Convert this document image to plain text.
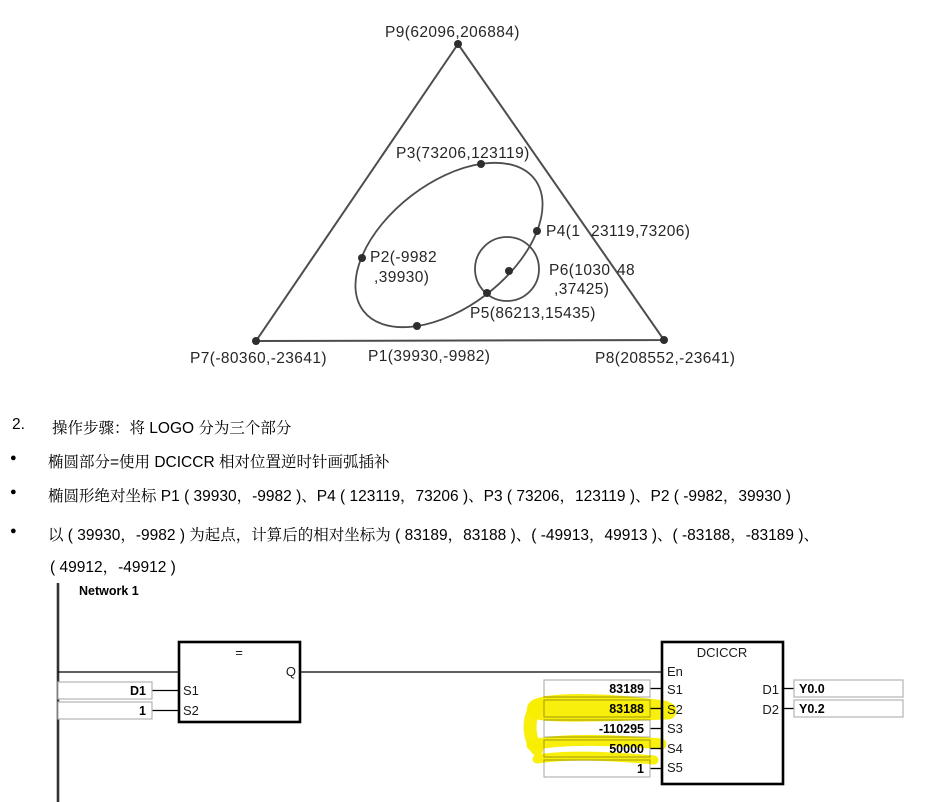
P9(62096,206884)
P3(73206,123119)
P4(1 23119,73206)
P2(-9982
,39930)	P6(1030 48
,37425)
P5(86213,15435)
P7(-80360,-23641)	P1(39930,-9982)	P8(208552,-23641)
2. 操作步骤：将 LOGO 分为三个部分
● 椭圆部分=使用 DCICCR 相对位置逆时针画弧插补
● 椭圆形绝对坐标 P1 ( 39930，-9982 )、P4 ( 123119，73206 )、P3 ( 73206，123119 )、P2 ( -9982，39930 )
● 以 ( 39930，-9982 ) 为起点，计算后的相对坐标为 ( 83189，83188 )、( -49913，49913 )、( -83188，-83189 )、
( 49912，-49912 )
Network 1
=
Q
S1
S2
D1
1
DCICCR
En
S1
S2
S3
S4
S5
D1
D2
83189
83188
-110295
50000
1
Y0.0
Y0.2
